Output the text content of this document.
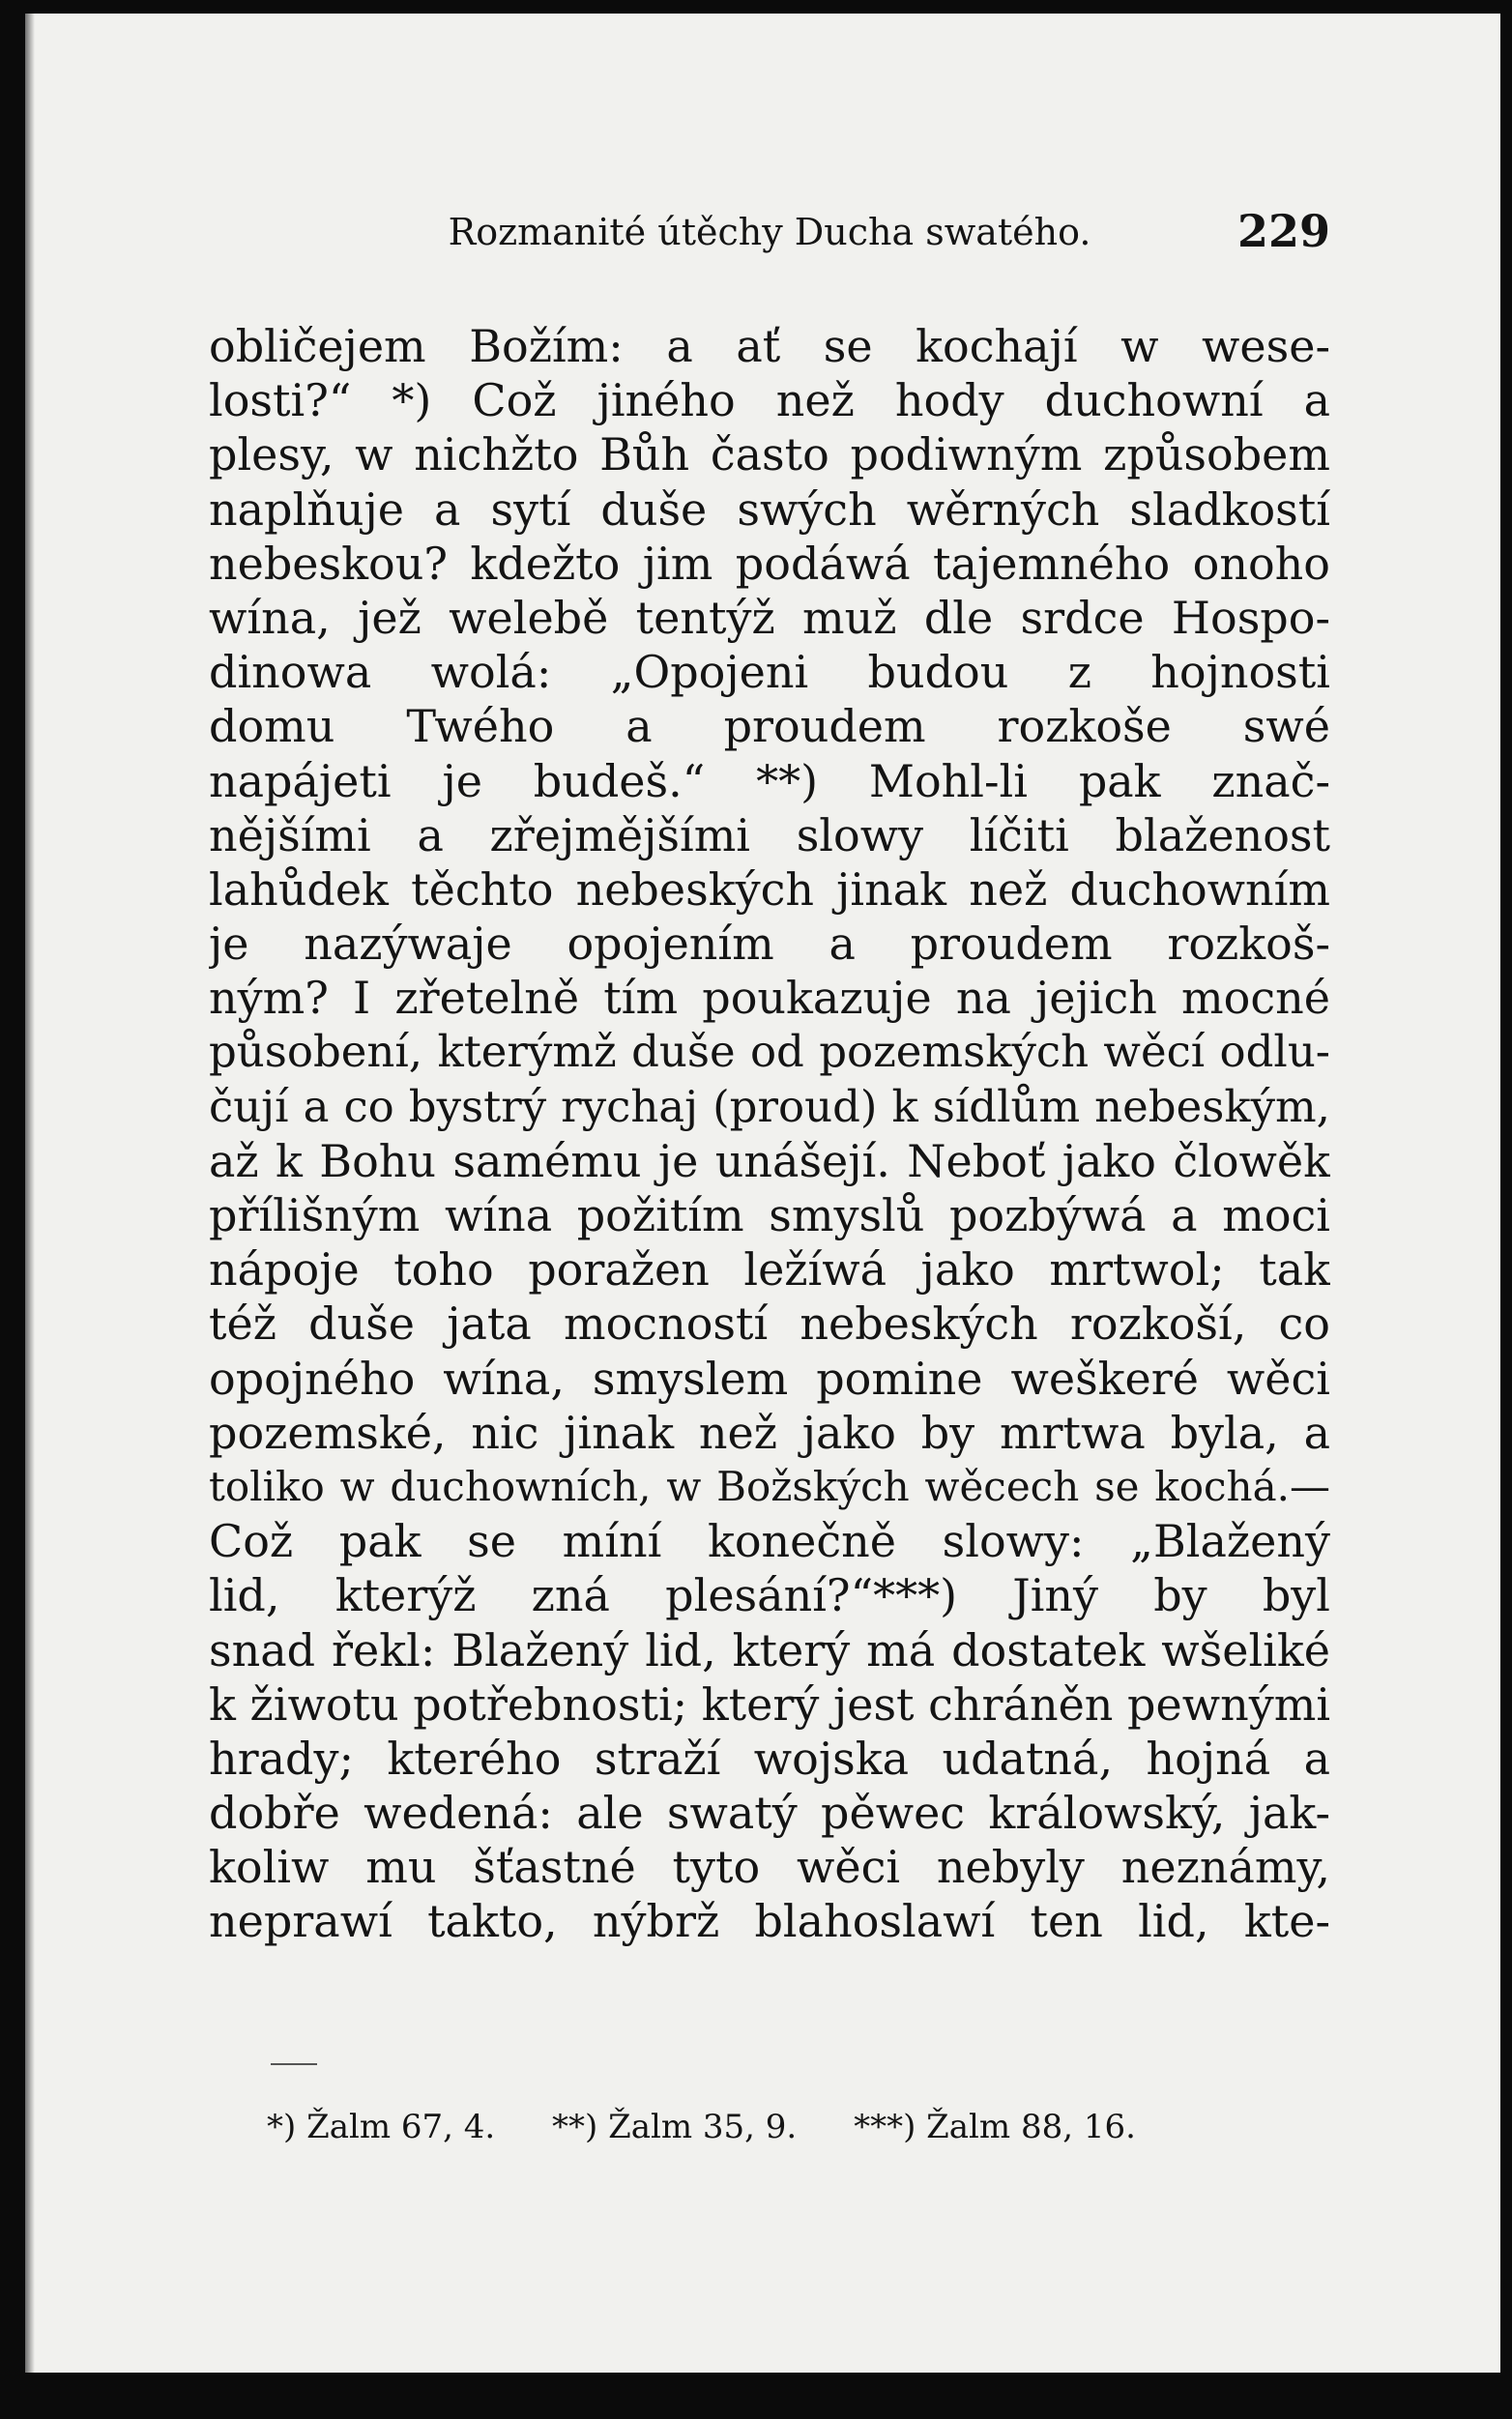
Rozmanité útěchy Ducha swatého.	229
obličejem Božím: a ať se kochají w wese-
losti?“ *) Což jiného než hody duchowní a
plesy, w nichžto Bůh často podiwným způsobem
naplňuje a sytí duše swých wěrných sladkostí
nebeskou? kdežto jim podáwá tajemného onoho
wína, jež welebě tentýž muž dle srdce Hospo-
dinowa wolá: „Opojeni budou z hojnosti
domu Twého a proudem rozkoše swé
napájeti je budeš.“ **) Mohl-li pak znač-
nějšími a zřejmějšími slowy líčiti blaženost
lahůdek těchto nebeských jinak než duchowním
je nazýwaje opojením a proudem rozkoš-
ným? I zřetelně tím poukazuje na jejich mocné
působení, kterýmž duše od pozemských wěcí odlu-
čují a co bystrý rychaj (proud) k sídlům nebeským,
až k Bohu samému je unášejí. Neboť jako člowěk
přílišným wína požitím smyslů pozbýwá a moci
nápoje toho poražen ležíwá jako mrtwol; tak
též duše jata mocností nebeských rozkoší, co
opojného wína, smyslem pomine weškeré wěci
pozemské, nic jinak než jako by mrtwa byla, a
toliko w duchowních, w Božských wěcech se kochá.—
Což pak se míní konečně slowy: „Blažený
lid, kterýž zná plesání?“***) Jiný by byl
snad řekl: Blažený lid, který má dostatek wšeliké
k žiwotu potřebnosti; který jest chráněn pewnými
hrady; kterého straží wojska udatná, hojná a
dobře wedená: ale swatý pěwec králowský, jak-
koliw mu šťastné tyto wěci nebyly neznámy,
neprawí takto, nýbrž blahoslawí ten lid, kte-
*) Žalm 67, 4. **) Žalm 35, 9. ***) Žalm 88, 16.
